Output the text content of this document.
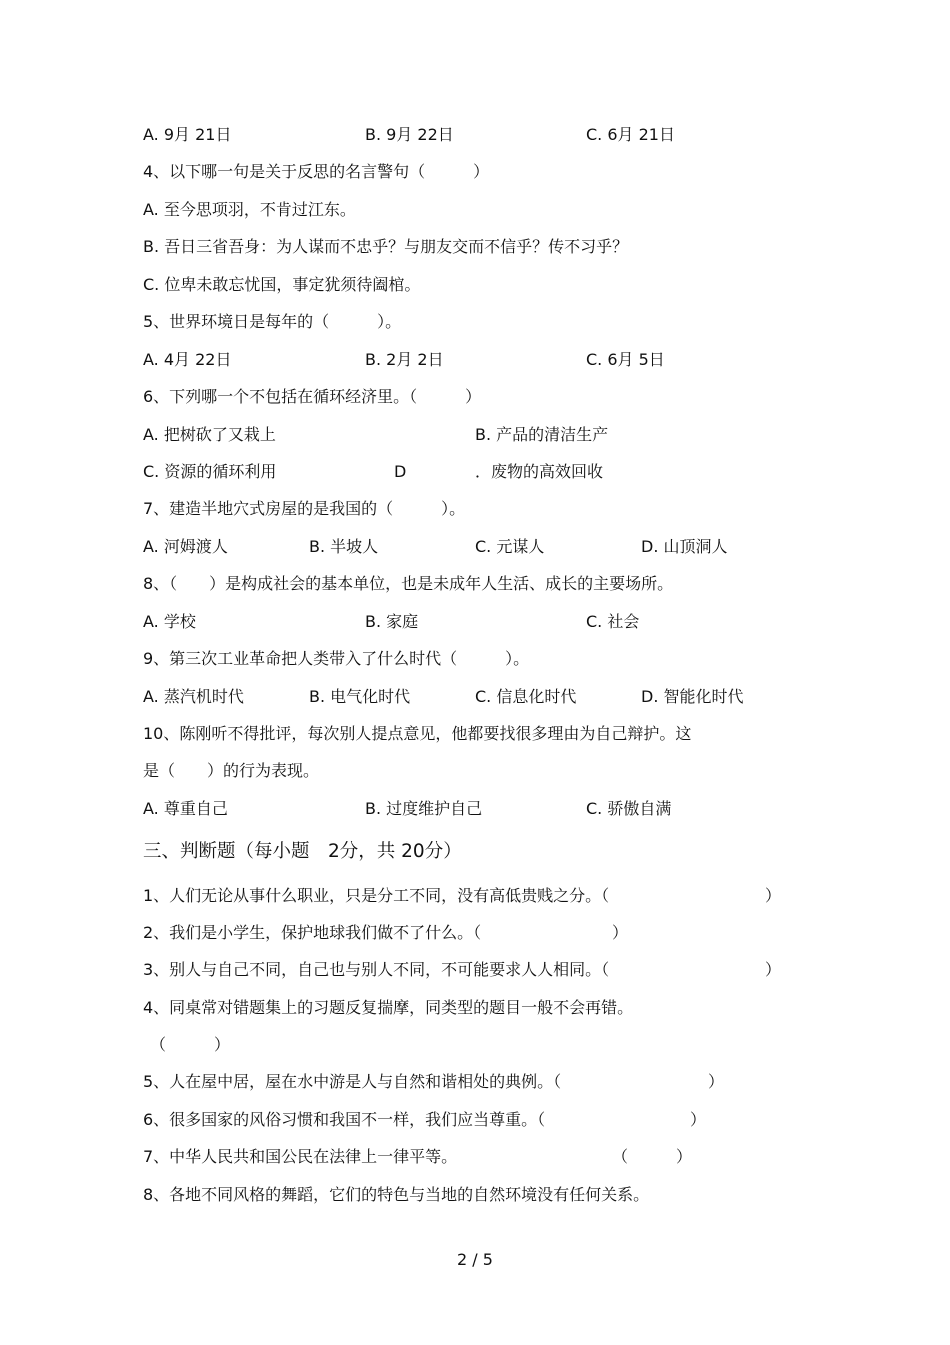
A. 9月 21日	B. 9月 22日	C. 6月 21日
4、以下哪一句是关于反思的名言警句（　　　）
A. 至今思项羽，不肯过江东。
B. 吾日三省吾身：为人谋而不忠乎？与朋友交而不信乎？传不习乎？
C. 位卑未敢忘忧国，事定犹须待阖棺。
5、世界环境日是每年的（　　　）。
A. 4月 22日	B. 2月 2日	C. 6月 5日
6、下列哪一个不包括在循环经济里。（　　　）
A. 把树砍了又栽上	B. 产品的清洁生产
C. 资源的循环利用	D	．废物的高效回收
7、建造半地穴式房屋的是我国的（　　　）。
A. 河姆渡人	B. 半坡人	C. 元谋人	D. 山顶洞人
8、（　　）是构成社会的基本单位，也是未成年人生活、成长的主要场所。
A. 学校	B. 家庭	C. 社会
9、第三次工业革命把人类带入了什么时代（　　　）。
A. 蒸汽机时代	B. 电气化时代	C. 信息化时代	D. 智能化时代
10、陈刚听不得批评，每次别人提点意见，他都要找很多理由为自己辩护。这
是（　　）的行为表现。
A. 尊重自己	B. 过度维护自己	C. 骄傲自满
三、判断题（每小题　2分，共 20分）
1、人们无论从事什么职业，只是分工不同，没有高低贵贱之分。（	）
2、我们是小学生，保护地球我们做不了什么。（	）
3、别人与自己不同，自己也与别人不同，不可能要求人人相同。（	）
4、同桌常对错题集上的习题反复揣摩，同类型的题目一般不会再错。
（　　　）
5、人在屋中居，屋在水中游是人与自然和谐相处的典例。（	）
6、很多国家的风俗习惯和我国不一样，我们应当尊重。（	）
7、中华人民共和国公民在法律上一律平等。	（　　　）
8、各地不同风格的舞蹈，它们的特色与当地的自然环境没有任何关系。
2 / 5
